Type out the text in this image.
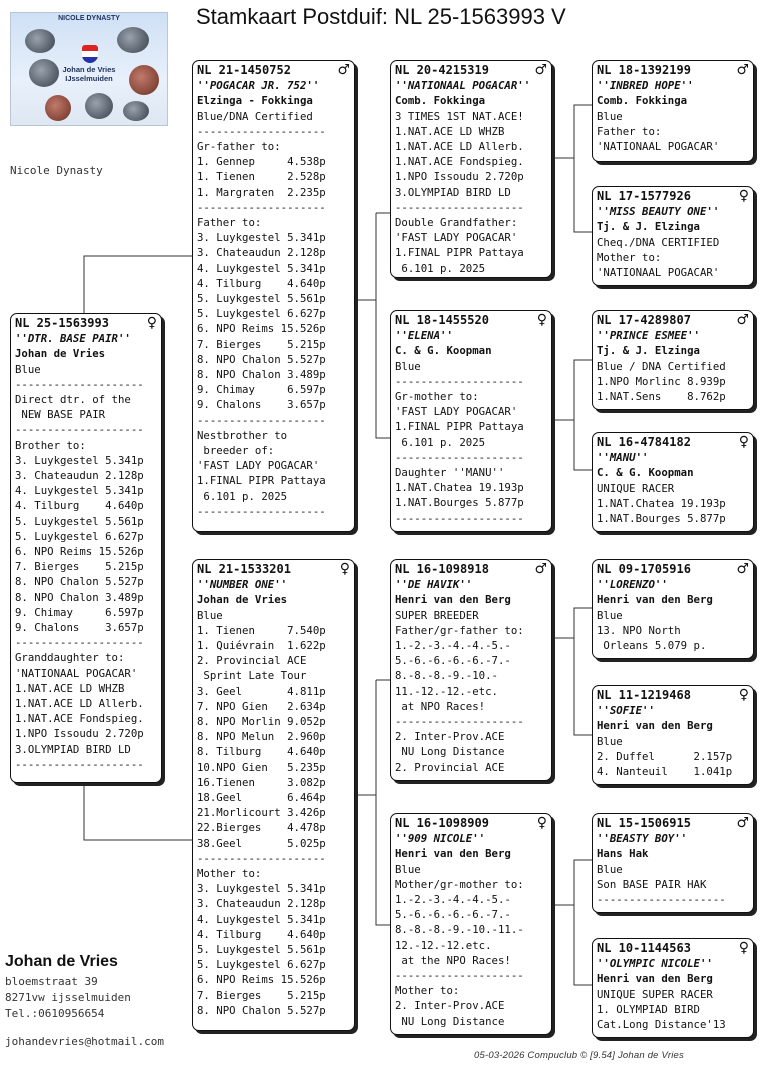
Stamkaart Postduif: NL 25-1563993 V
NICOLE DYNASTY
Johan de Vries
IJsselmuiden
Nicole Dynasty
NL 25-1563993	♀
''DTR. BASE PAIR''
Johan de Vries
Blue
--------------------
Direct dtr. of the
NEW BASE PAIR
--------------------
Brother to:
3. Luykgestel 5.341p
3. Chateaudun 2.128p
4. Luykgestel 5.341p
4. Tilburg    4.640p
5. Luykgestel 5.561p
5. Luykgestel 6.627p
6. NPO Reims 15.526p
7. Bierges    5.215p
8. NPO Chalon 5.527p
8. NPO Chalon 3.489p
9. Chimay     6.597p
9. Chalons    3.657p
--------------------
Granddaughter to:
'NATIONAAL POGACAR'
1.NAT.ACE LD WHZB
1.NAT.ACE LD Allerb.
1.NAT.ACE Fondspieg.
1.NPO Issoudu 2.720p
3.OLYMPIAD BIRD LD
--------------------
NL 21-1450752	♂
''POGACAR JR. 752''
Elzinga - Fokkinga
Blue/DNA Certified
--------------------
Gr-father to:
1. Gennep     4.538p
1. Tienen     2.528p
1. Margraten  2.235p
--------------------
Father to:
3. Luykgestel 5.341p
3. Chateaudun 2.128p
4. Luykgestel 5.341p
4. Tilburg    4.640p
5. Luykgestel 5.561p
5. Luykgestel 6.627p
6. NPO Reims 15.526p
7. Bierges    5.215p
8. NPO Chalon 5.527p
8. NPO Chalon 3.489p
9. Chimay     6.597p
9. Chalons    3.657p
--------------------
Nestbrother to
breeder of:
'FAST LADY POGACAR'
1.FINAL PIPR Pattaya
6.101 p. 2025
--------------------
NL 21-1533201	♀
''NUMBER ONE''
Johan de Vries
Blue
1. Tienen     7.540p
1. Quiévrain  1.622p
2. Provincial ACE
Sprint Late Tour
3. Geel       4.811p
7. NPO Gien   2.634p
8. NPO Morlin 9.052p
8. NPO Melun  2.960p
8. Tilburg    4.640p
10.NPO Gien   5.235p
16.Tienen     3.082p
18.Geel       6.464p
21.Morlicourt 3.426p
22.Bierges    4.478p
38.Geel       5.025p
--------------------
Mother to:
3. Luykgestel 5.341p
3. Chateaudun 2.128p
4. Luykgestel 5.341p
4. Tilburg    4.640p
5. Luykgestel 5.561p
5. Luykgestel 6.627p
6. NPO Reims 15.526p
7. Bierges    5.215p
8. NPO Chalon 5.527p
NL 20-4215319	♂
''NATIONAAL POGACAR''
Comb. Fokkinga
3 TIMES 1ST NAT.ACE!
1.NAT.ACE LD WHZB
1.NAT.ACE LD Allerb.
1.NAT.ACE Fondspieg.
1.NPO Issoudu 2.720p
3.OLYMPIAD BIRD LD
--------------------
Double Grandfather:
'FAST LADY POGACAR'
1.FINAL PIPR Pattaya
6.101 p. 2025
NL 18-1455520	♀
''ELENA''
C. & G. Koopman
Blue
--------------------
Gr-mother to:
'FAST LADY POGACAR'
1.FINAL PIPR Pattaya
6.101 p. 2025
--------------------
Daughter ''MANU''
1.NAT.Chatea 19.193p
1.NAT.Bourges 5.877p
--------------------
NL 16-1098918	♂
''DE HAVIK''
Henri van den Berg
SUPER BREEDER
Father/gr-father to:
1.-2.-3.-4.-4.-5.-
5.-6.-6.-6.-6.-7.-
8.-8.-8.-9.-10.-
11.-12.-12.-etc.
at NPO Races!
--------------------
2. Inter-Prov.ACE
NU Long Distance
2. Provincial ACE
NL 16-1098909	♀
''909 NICOLE''
Henri van den Berg
Blue
Mother/gr-mother to:
1.-2.-3.-4.-4.-5.-
5.-6.-6.-6.-6.-7.-
8.-8.-8.-9.-10.-11.-
12.-12.-12.etc.
at the NPO Races!
--------------------
Mother to:
2. Inter-Prov.ACE
NU Long Distance
NL 18-1392199	♂
''INBRED HOPE''
Comb. Fokkinga
Blue
Father to:
'NATIONAAL POGACAR'
NL 17-1577926	♀
''MISS BEAUTY ONE''
Tj. & J. Elzinga
Cheq./DNA CERTIFIED
Mother to:
'NATIONAAL POGACAR'
NL 17-4289807	♂
''PRINCE ESMEE''
Tj. & J. Elzinga
Blue / DNA Certified
1.NPO Morlinc 8.939p
1.NAT.Sens    8.762p
NL 16-4784182	♀
''MANU''
C. & G. Koopman
UNIQUE RACER
1.NAT.Chatea 19.193p
1.NAT.Bourges 5.877p
NL 09-1705916	♂
''LORENZO''
Henri van den Berg
Blue
13. NPO North
Orleans 5.079 p.
NL 11-1219468	♀
''SOFIE''
Henri van den Berg
Blue
2. Duffel      2.157p
4. Nanteuil    1.041p
NL 15-1506915	♂
''BEASTY BOY''
Hans Hak
Blue
Son BASE PAIR HAK
--------------------
NL 10-1144563	♀
''OLYMPIC NICOLE''
Henri van den Berg
UNIQUE SUPER RACER
1. OLYMPIAD BIRD
Cat.Long Distance'13
Johan de Vries
bloemstraat 39
8271vw ijsselmuiden
Tel.:0610956654
johandevries@hotmail.com
05-03-2026 Compuclub © [9.54] Johan de Vries
